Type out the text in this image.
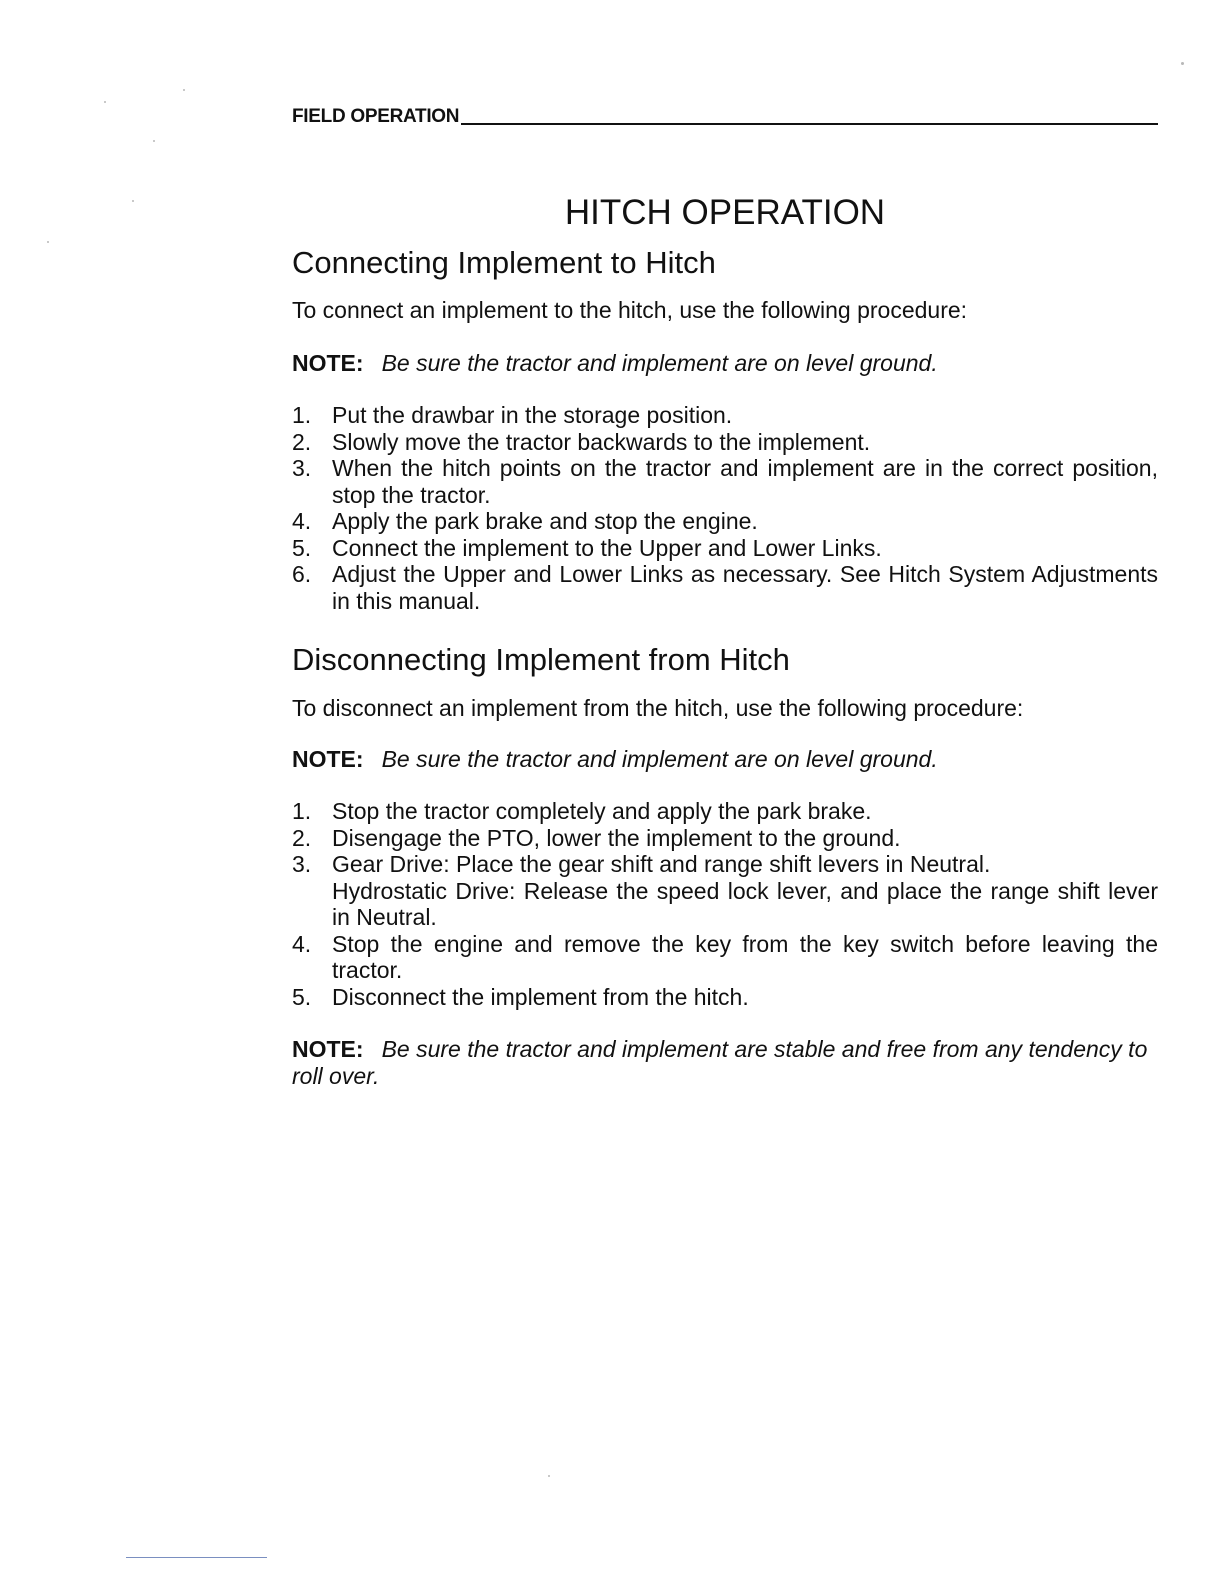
FIELD OPERATION
HITCH OPERATION
Connecting Implement to Hitch

To connect an implement to the hitch, use the following procedure:

NOTE: Be sure the tractor and implement are on level ground.

1. Put the drawbar in the storage position.
2. Slowly move the tractor backwards to the implement.
3. When the hitch points on the tractor and implement are in the correct position, stop the tractor.
4. Apply the park brake and stop the engine.
5. Connect the implement to the Upper and Lower Links.
6. Adjust the Upper and Lower Links as necessary. See Hitch System Adjustments in this manual.
Disconnecting Implement from Hitch

To disconnect an implement from the hitch, use the following procedure:

NOTE: Be sure the tractor and implement are on level ground.

1. Stop the tractor completely and apply the park brake.
2. Disengage the PTO, lower the implement to the ground.
3. Gear Drive: Place the gear shift and range shift levers in Neutral.
Hydrostatic Drive: Release the speed lock lever, and place the range shift lever in Neutral.
4. Stop the engine and remove the key from the key switch before leaving the tractor.
5. Disconnect the implement from the hitch.

NOTE: Be sure the tractor and implement are stable and free from any tendency to roll over.
